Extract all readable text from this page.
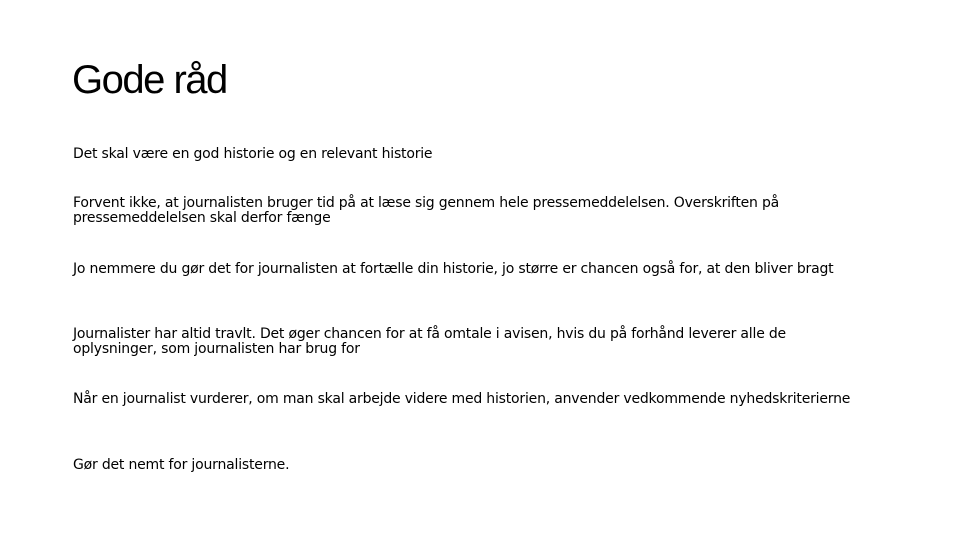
Gode råd

Det skal være en god historie og en relevant historie

Forvent ikke, at journalisten bruger tid på at læse sig gennem hele pressemeddelelsen. Overskriften på pressemeddelelsen skal derfor fænge

Jo nemmere du gør det for journalisten at fortælle din historie, jo større er chancen også for, at den bliver bragt

Journalister har altid travlt. Det øger chancen for at få omtale i avisen, hvis du på forhånd leverer alle de oplysninger, som journalisten har brug for

Når en journalist vurderer, om man skal arbejde videre med historien, anvender vedkommende nyhedskriterierne

Gør det nemt for journalisterne.
